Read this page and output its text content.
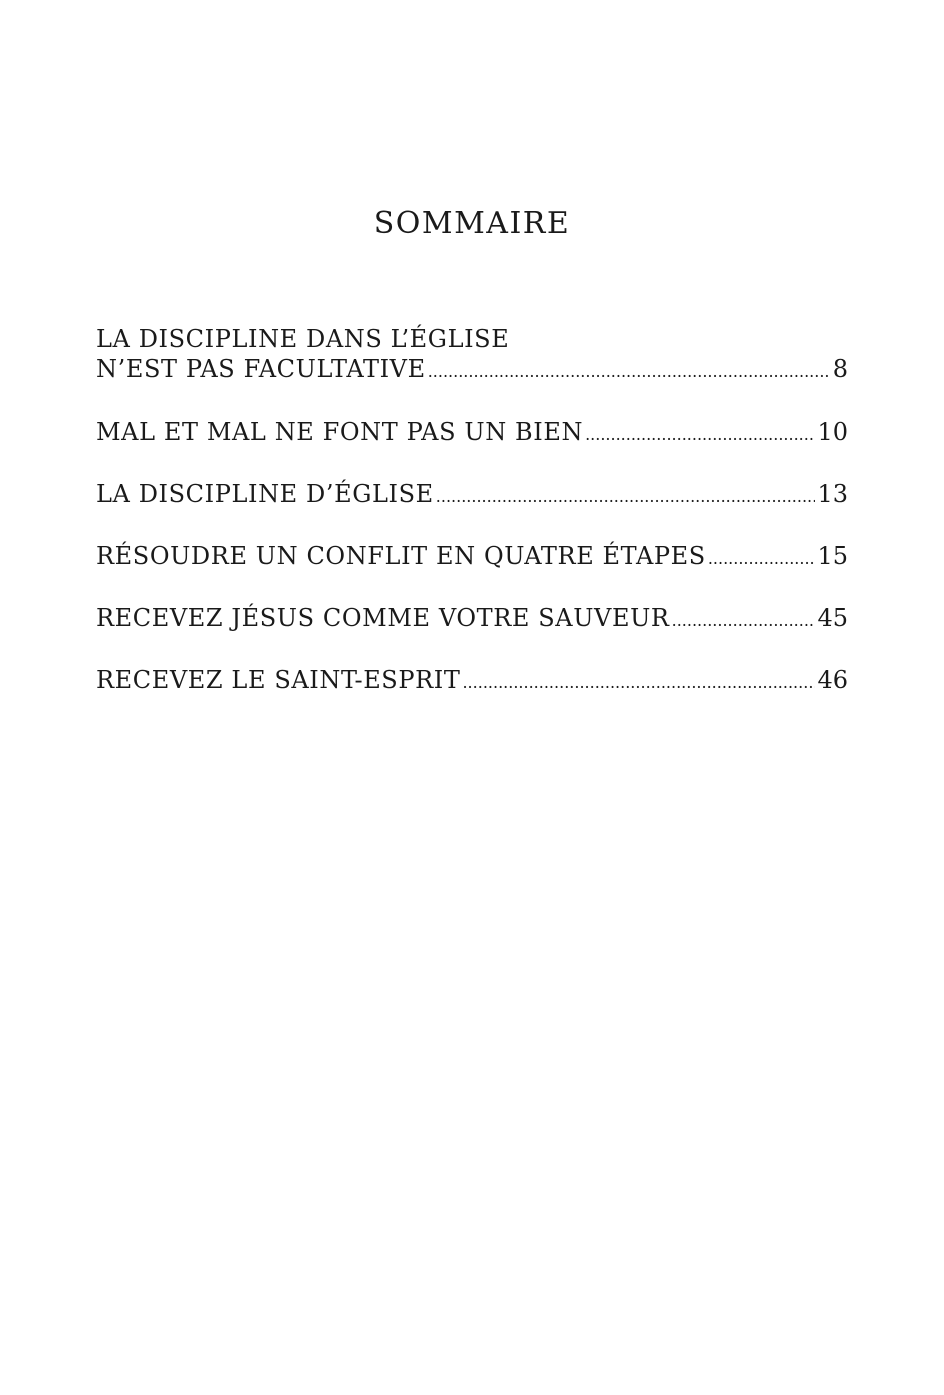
SOMMAIRE
LA DISCIPLINE DANS L’ÉGLISE
N’EST PAS FACULTATIVE .....	8
MAL ET MAL NE FONT PAS UN BIEN .....	10
LA DISCIPLINE D’ÉGLISE .....	13
RÉSOUDRE UN CONFLIT EN QUATRE ÉTAPES .....	15
RECEVEZ JÉSUS COMME VOTRE SAUVEUR .....	45
RECEVEZ LE SAINT-ESPRIT .....	46
